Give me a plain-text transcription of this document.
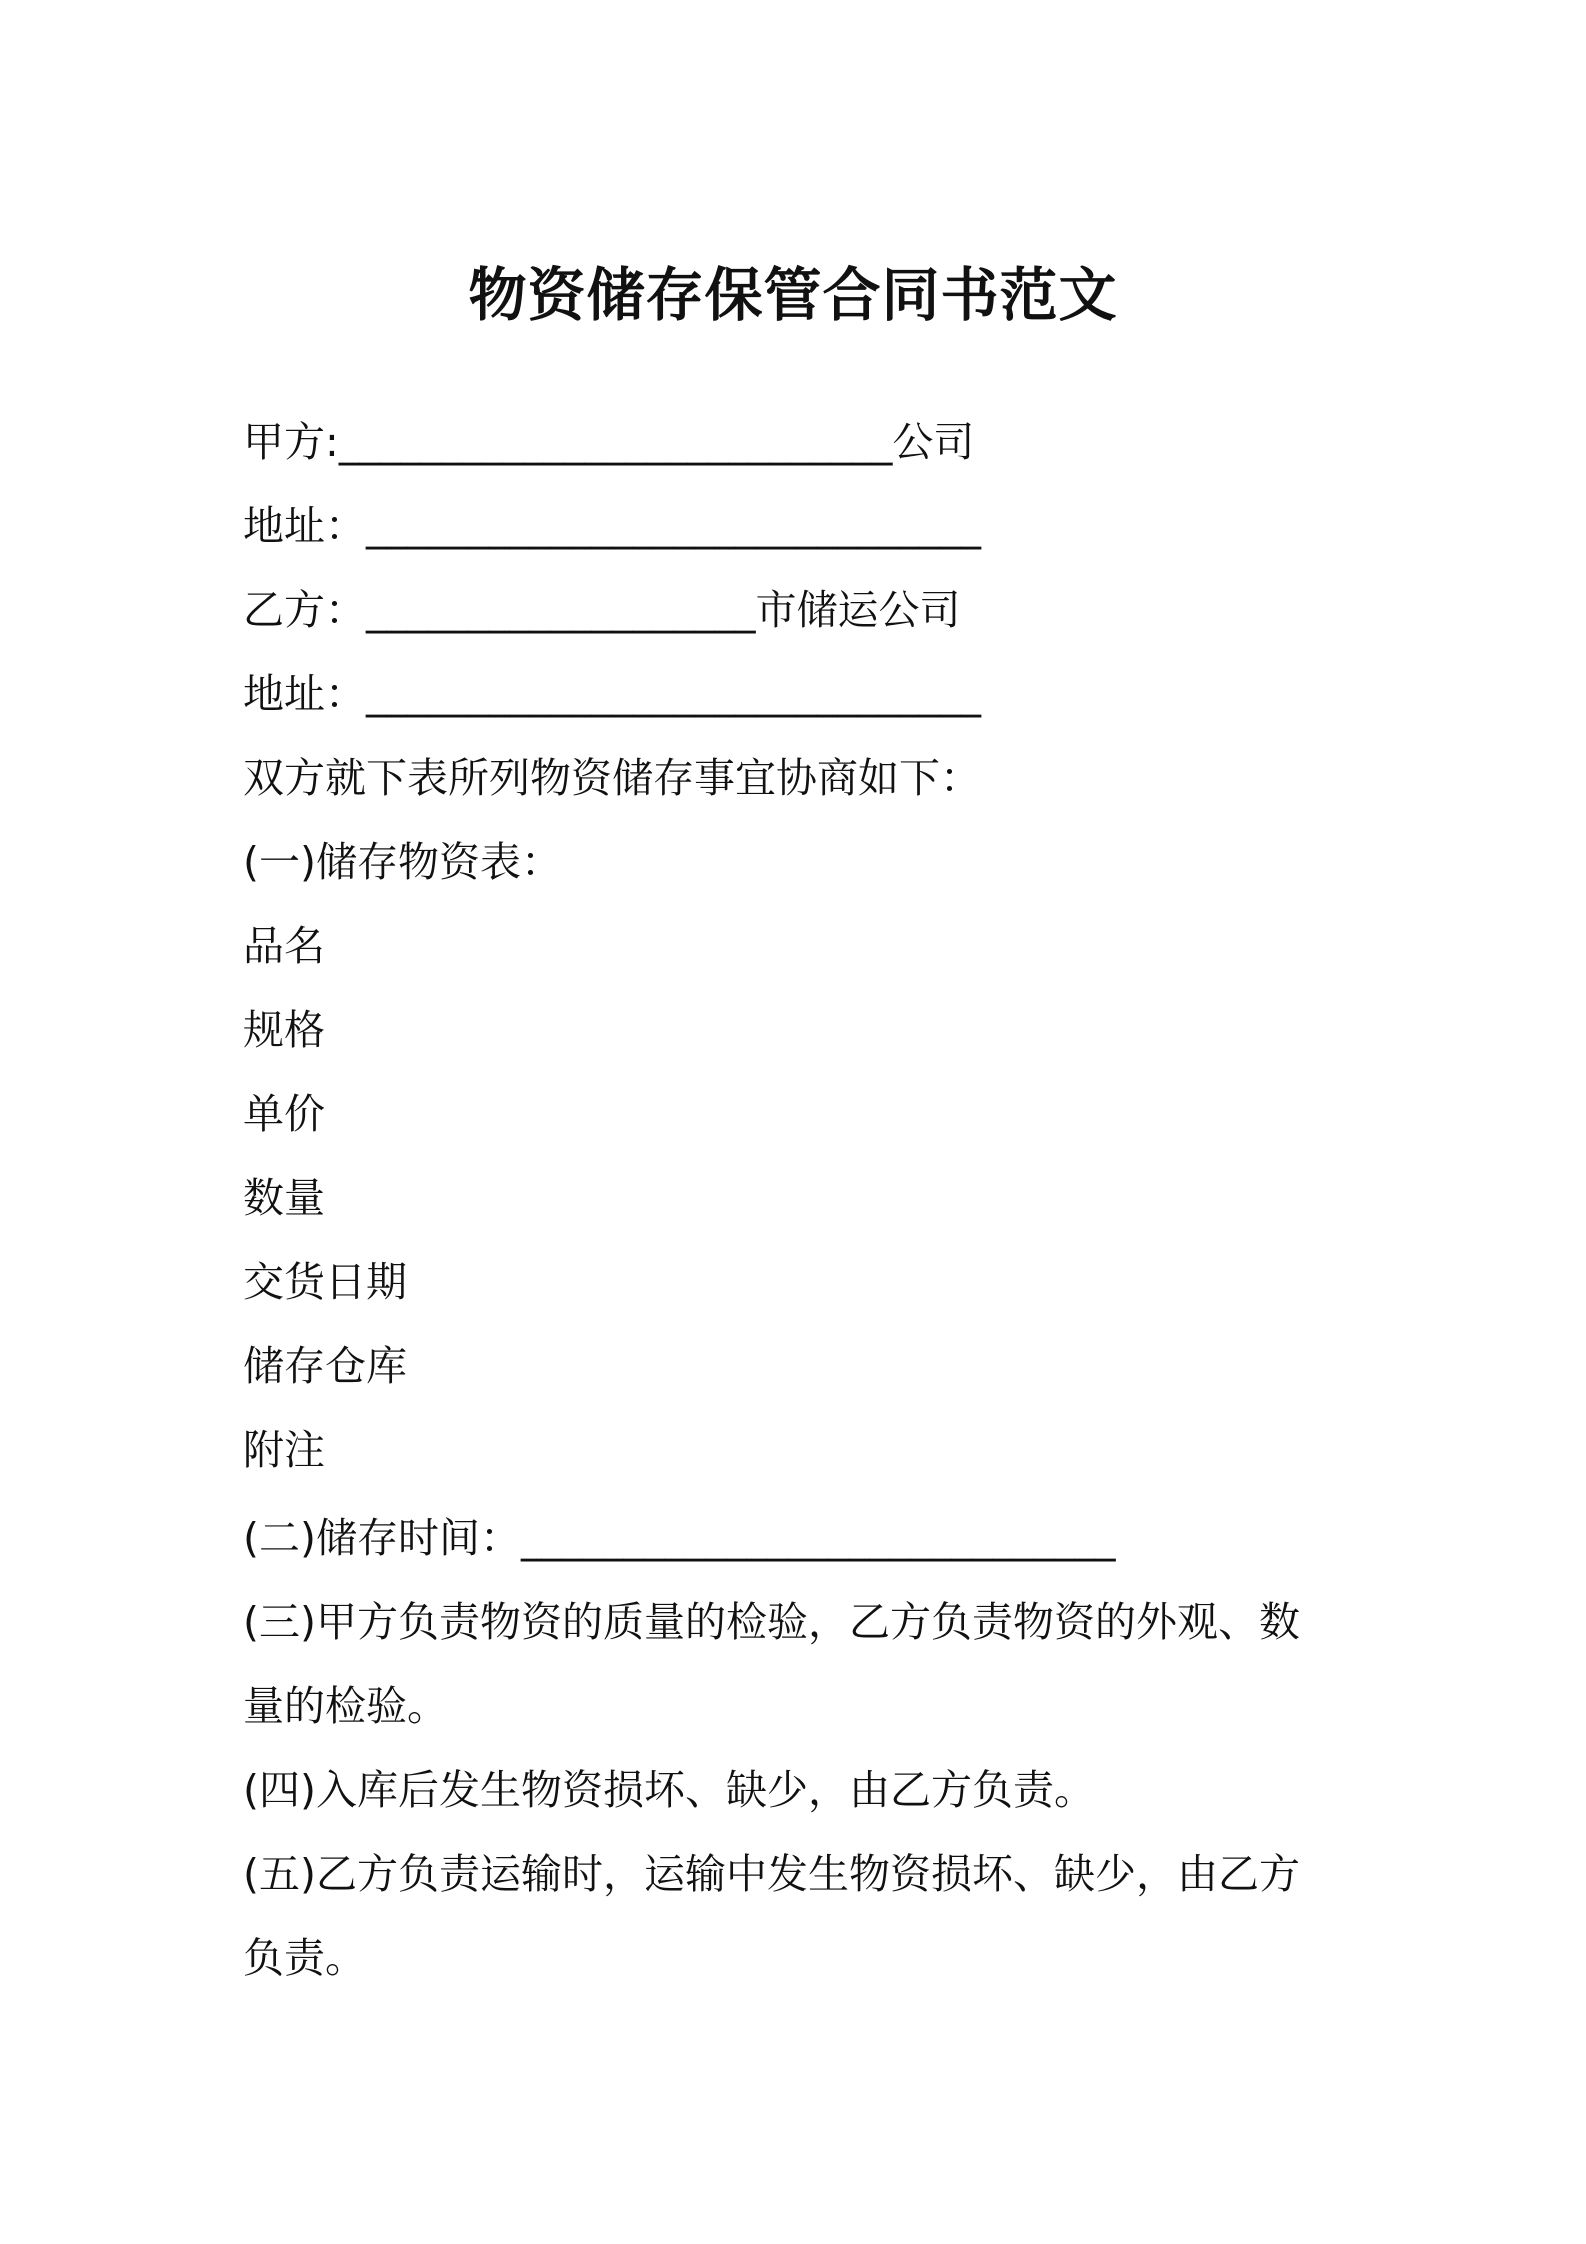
物资储存保管合同书范文
甲方:___________________________公司
地址：______________________________
乙方：___________________市储运公司
地址：______________________________
双方就下表所列物资储存事宜协商如下：
(一)储存物资表：
品名
规格
单价
数量
交货日期
储存仓库
附注
(二)储存时间：_____________________________
(三)甲方负责物资的质量的检验，乙方负责物资的外观、数
量的检验。
(四)入库后发生物资损坏、缺少，由乙方负责。
(五)乙方负责运输时，运输中发生物资损坏、缺少，由乙方
负责。
